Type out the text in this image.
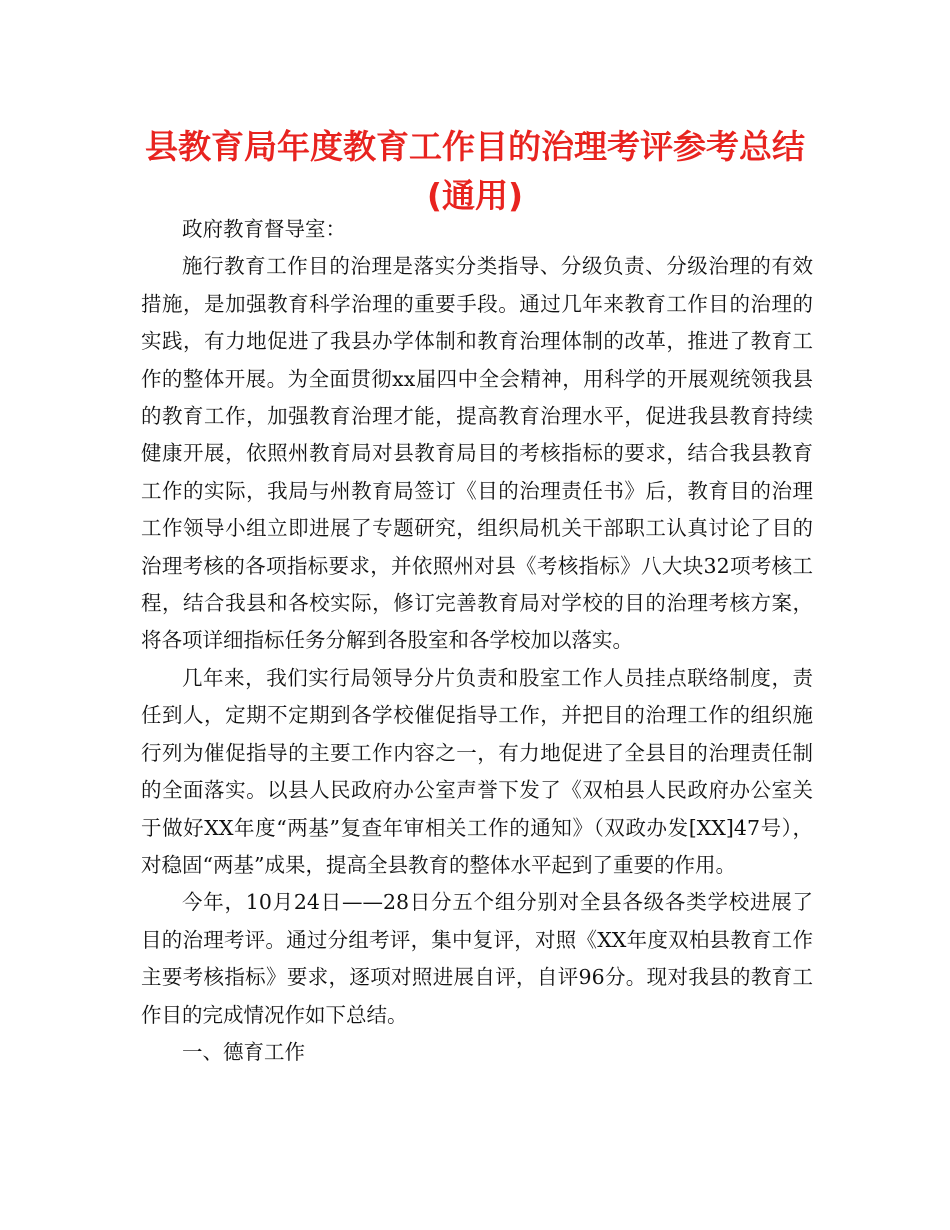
县教育局年度教育工作目的治理考评参考总结
(通用)

政府教育督导室：

施行教育工作目的治理是落实分类指导、分级负责、分级治理的有效措施，是加强教育科学治理的重要手段。通过几年来教育工作目的治理的实践，有力地促进了我县办学体制和教育治理体制的改革，推进了教育工作的整体开展。为全面贯彻xx届四中全会精神，用科学的开展观统领我县的教育工作，加强教育治理才能，提高教育治理水平，促进我县教育持续健康开展，依照州教育局对县教育局目的考核指标的要求，结合我县教育工作的实际，我局与州教育局签订《目的治理责任书》后，教育目的治理工作领导小组立即进展了专题研究，组织局机关干部职工认真讨论了目的治理考核的各项指标要求，并依照州对县《考核指标》八大块32项考核工程，结合我县和各校实际，修订完善教育局对学校的目的治理考核方案，将各项详细指标任务分解到各股室和各学校加以落实。

几年来，我们实行局领导分片负责和股室工作人员挂点联络制度，责任到人，定期不定期到各学校催促指导工作，并把目的治理工作的组织施行列为催促指导的主要工作内容之一，有力地促进了全县目的治理责任制的全面落实。以县人民政府办公室声誉下发了《双柏县人民政府办公室关于做好XX年度“两基”复查年审相关工作的通知》（双政办发[XX]47号），对稳固“两基”成果，提高全县教育的整体水平起到了重要的作用。

今年，10月24日——28日分五个组分别对全县各级各类学校进展了目的治理考评。通过分组考评，集中复评，对照《XX年度双柏县教育工作主要考核指标》要求，逐项对照进展自评，自评96分。现对我县的教育工作目的完成情况作如下总结。

一、德育工作
